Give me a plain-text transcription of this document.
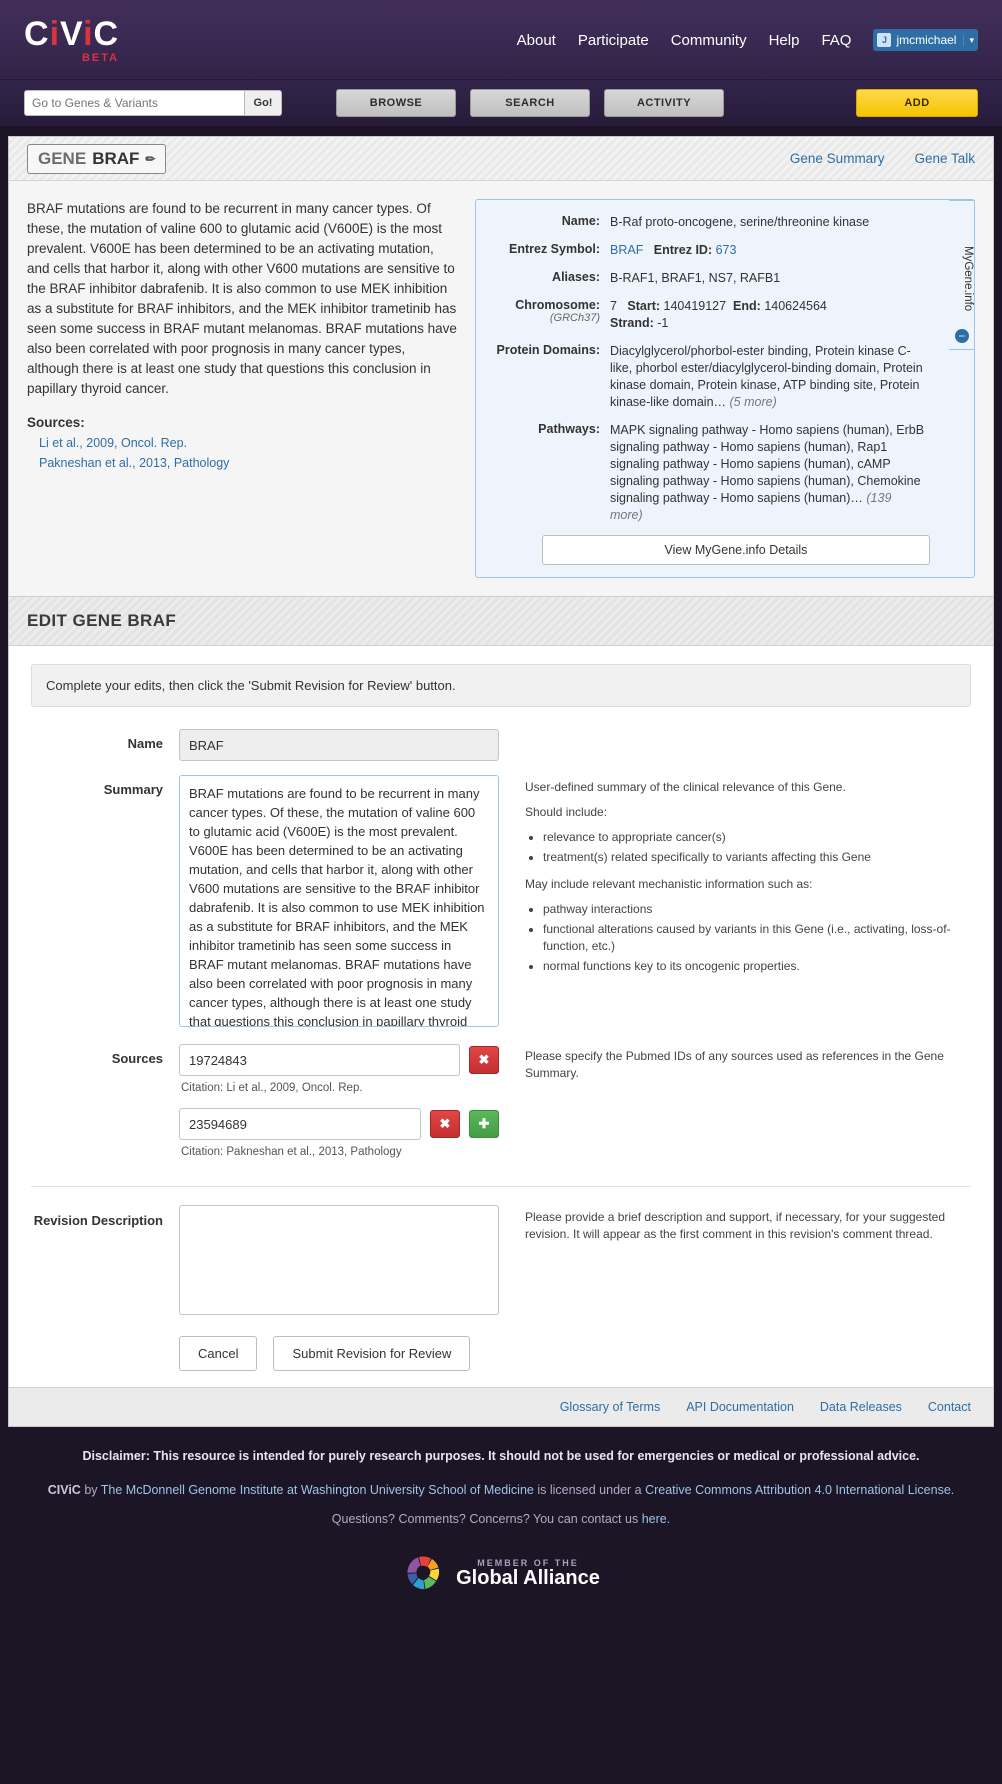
CiViC
BETA
About Participate Community Help FAQ	J jmcmichael	▾
Go to Genes & Variants
Go!	BROWSE	SEARCH	ACTIVITY	ADD
GENE BRAF ✏	Gene Summary Gene Talk

BRAF mutations are found to be recurrent in many cancer types. Of these, the mutation of valine 600 to glutamic acid (V600E) is the most prevalent. V600E has been determined to be an activating mutation, and cells that harbor it, along with other V600 mutations are sensitive to the BRAF inhibitor dabrafenib. It is also common to use MEK inhibition as a substitute for BRAF inhibitors, and the MEK inhibitor trametinib has seen some success in BRAF mutant melanomas. BRAF mutations have also been correlated with poor prognosis in many cancer types, although there is at least one study that questions this conclusion in papillary thyroid cancer.

Sources:
Li et al., 2009, Oncol. Rep.
Pakneshan et al., 2013, Pathology
MyGene.info
i
Name: B-Raf proto-oncogene, serine/threonine kinase
Entrez Symbol: BRAF Entrez ID: 673
Aliases: B-RAF1, BRAF1, NS7, RAFB1
Chromosome:
(GRCh37)
7 Start: 140419127 End: 140624564
Strand: -1
Protein Domains: Diacylglycerol/phorbol-ester binding, Protein kinase C-like, phorbol ester/diacylglycerol-binding domain, Protein kinase domain, Protein kinase, ATP binding site, Protein kinase-like domain… (5 more)
Pathways: MAPK signaling pathway - Homo sapiens (human), ErbB signaling pathway - Homo sapiens (human), Rap1 signaling pathway - Homo sapiens (human), cAMP signaling pathway - Homo sapiens (human), Chemokine signaling pathway - Homo sapiens (human)… (139 more)
View MyGene.info Details
EDIT GENE BRAF
Complete your edits, then click the 'Submit Revision for Review' button.
Name
BRAF
Summary
BRAF mutations are found to be recurrent in many cancer types. Of these, the mutation of valine 600 to glutamic acid (V600E) is the most prevalent. V600E has been determined to be an activating mutation, and cells that harbor it, along with other V600 mutations are sensitive to the BRAF inhibitor dabrafenib. It is also common to use MEK inhibition as a substitute for BRAF inhibitors, and the MEK inhibitor trametinib has seen some success in BRAF mutant melanomas. BRAF mutations have also been correlated with poor prognosis in many cancer types, although there is at least one study that questions this conclusion in papillary thyroid cancer.	User-defined summary of the clinical relevance of this Gene.

Should include:

• relevance to appropriate cancer(s)
• treatment(s) related specifically to variants affecting this Gene

May include relevant mechanistic information such as:

• pathway interactions
• functional alterations caused by variants in this Gene (i.e., activating, loss-of-function, etc.)
• normal functions key to its oncogenic properties.
Sources
19724843	✖
Citation: Li et al., 2009, Oncol. Rep.
23594689
✖	✚
Citation: Pakneshan et al., 2013, Pathology

Please specify the Pubmed IDs of any sources used as references in the Gene Summary.

Revision Description	Please provide a brief description and support, if necessary, for your suggested revision. It will appear as the first comment in this revision's comment thread.

Cancel	Submit Revision for Review
Glossary of Terms API Documentation Data Releases Contact
Disclaimer: This resource is intended for purely research purposes. It should not be used for emergencies or medical or professional advice.
CIViC by The McDonnell Genome Institute at Washington University School of Medicine is licensed under a Creative Commons Attribution 4.0 International License.
Questions? Comments? Concerns? You can contact us here.
MEMBER OF THE
Global Alliance
